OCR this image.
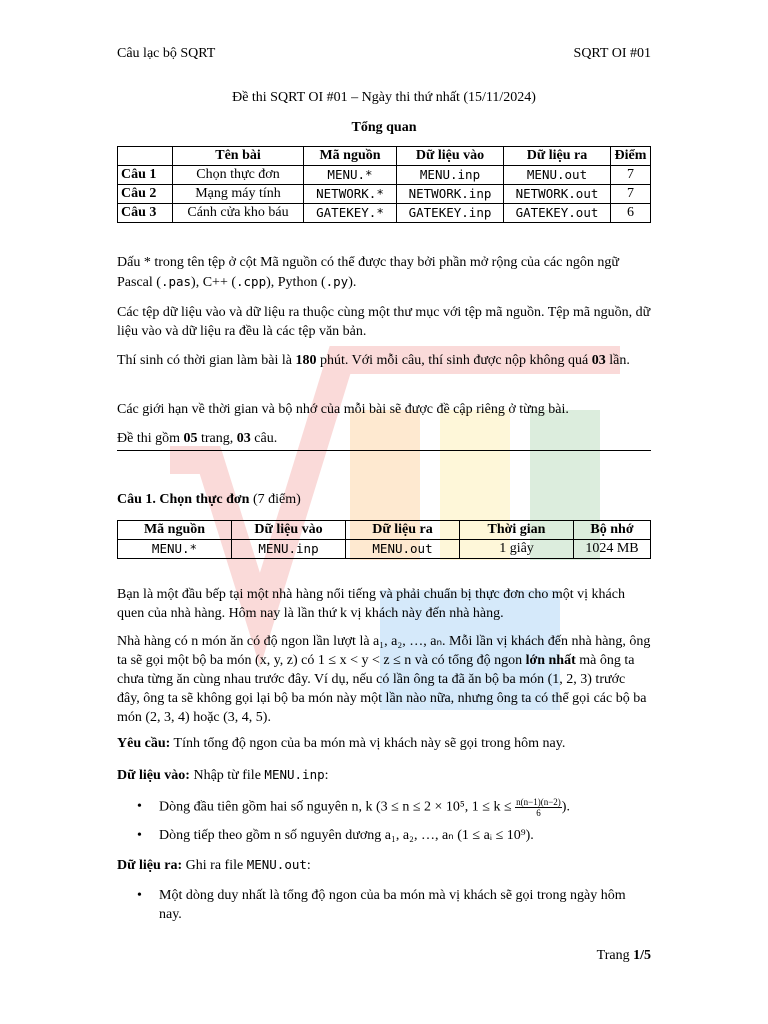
Câu lạc bộ SQRT	SQRT OI #01
Đề thi SQRT OI #01 – Ngày thi thứ nhất (15/11/2024)
Tổng quan
	Tên bài	Mã nguồn	Dữ liệu vào	Dữ liệu ra	Điểm
Câu 1	Chọn thực đơn	MENU.*	MENU.inp	MENU.out	7
Câu 2	Mạng máy tính	NETWORK.*	NETWORK.inp	NETWORK.out	7
Câu 3	Cánh cửa kho báu	GATEKEY.*	GATEKEY.inp	GATEKEY.out	6
Dấu * trong tên tệp ở cột Mã nguồn có thể được thay bởi phần mở rộng của các ngôn ngữ Pascal (.pas), C++ (.cpp), Python (.py).
Các tệp dữ liệu vào và dữ liệu ra thuộc cùng một thư mục với tệp mã nguồn. Tệp mã nguồn, dữ liệu vào và dữ liệu ra đều là các tệp văn bản.
Thí sinh có thời gian làm bài là 180 phút. Với mỗi câu, thí sinh được nộp không quá 03 lần.
Các giới hạn về thời gian và bộ nhớ của mỗi bài sẽ được đề cập riêng ở từng bài.
Đề thi gồm 05 trang, 03 câu.
Câu 1. Chọn thực đơn (7 điểm)
Mã nguồn	Dữ liệu vào	Dữ liệu ra	Thời gian	Bộ nhớ
MENU.*	MENU.inp	MENU.out	1 giây	1024 MB
Bạn là một đầu bếp tại một nhà hàng nổi tiếng và phải chuẩn bị thực đơn cho một vị khách quen của nhà hàng. Hôm nay là lần thứ k vị khách này đến nhà hàng.
Nhà hàng có n món ăn có độ ngon lần lượt là a₁, a₂, …, aₙ. Mỗi lần vị khách đến nhà hàng, ông ta sẽ gọi một bộ ba món (x, y, z) có 1 ≤ x < y < z ≤ n và có tổng độ ngon lớn nhất mà ông ta chưa từng ăn cùng nhau trước đây. Ví dụ, nếu có lần ông ta đã ăn bộ ba món (1, 2, 3) trước đây, ông ta sẽ không gọi lại bộ ba món này một lần nào nữa, nhưng ông ta có thể gọi các bộ ba món (2, 3, 4) hoặc (3, 4, 5).
Yêu cầu: Tính tổng độ ngon của ba món mà vị khách này sẽ gọi trong hôm nay.
Dữ liệu vào: Nhập từ file MENU.inp:
• Dòng đầu tiên gồm hai số nguyên n, k (3 ≤ n ≤ 2 × 10⁵, $1 \le k \le \frac{n(n-1)(n-2)}{6}$ ).
• Dòng tiếp theo gồm n số nguyên dương a₁, a₂, …, aₙ (1 ≤ aᵢ ≤ 10⁹).
Dữ liệu ra: Ghi ra file MENU.out:
• Một dòng duy nhất là tổng độ ngon của ba món mà vị khách sẽ gọi trong ngày hôm nay.
Trang 1/5
